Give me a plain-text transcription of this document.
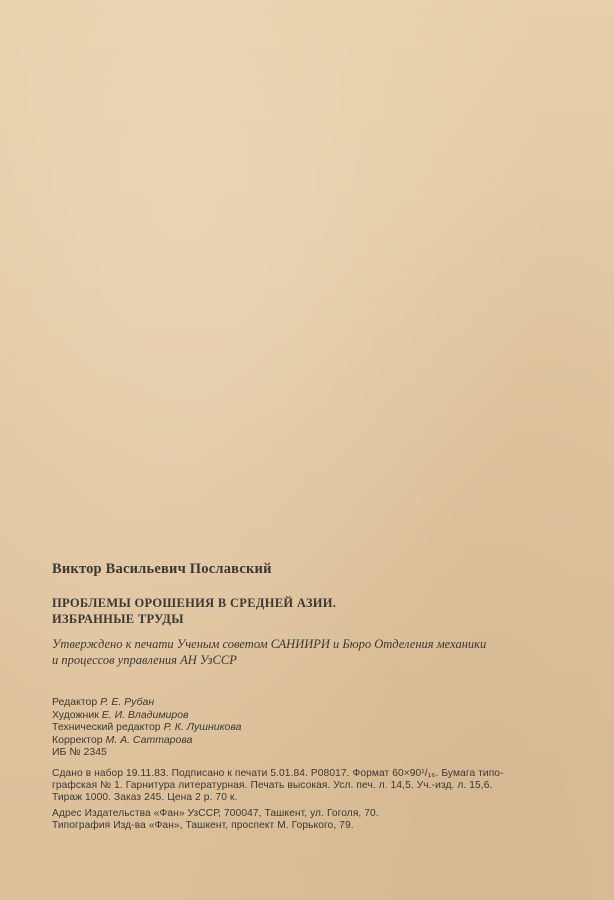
Виктор Васильевич Пославский
ПРОБЛЕМЫ ОРОШЕНИЯ В СРЕДНЕЙ АЗИИ.
ИЗБРАННЫЕ ТРУДЫ
Утверждено к печати Ученым советом САНИИРИ и Бюро Отделения механики
и процессов управления АН УзССР
Редактор Р. Е. Рубан
Художник Е. И. Владимиров
Технический редактор Р. К. Лушникова
Корректор М. А. Саттарова
ИБ № 2345
Сдано в набор 19.11.83. Подписано к печати 5.01.84. Р08017. Формат 60×90¹/₁₆. Бумага типо-
графская № 1. Гарнитура литературная. Печать высокая. Усл. печ. л. 14,5. Уч.-изд. л. 15,6.
Тираж 1000. Заказ 245. Цена 2 р. 70 к.
Адрес Издательства «Фан» УзССР, 700047, Ташкент, ул. Гоголя, 70.
Типография Изд-ва «Фан», Ташкент, проспект М. Горького, 79.
